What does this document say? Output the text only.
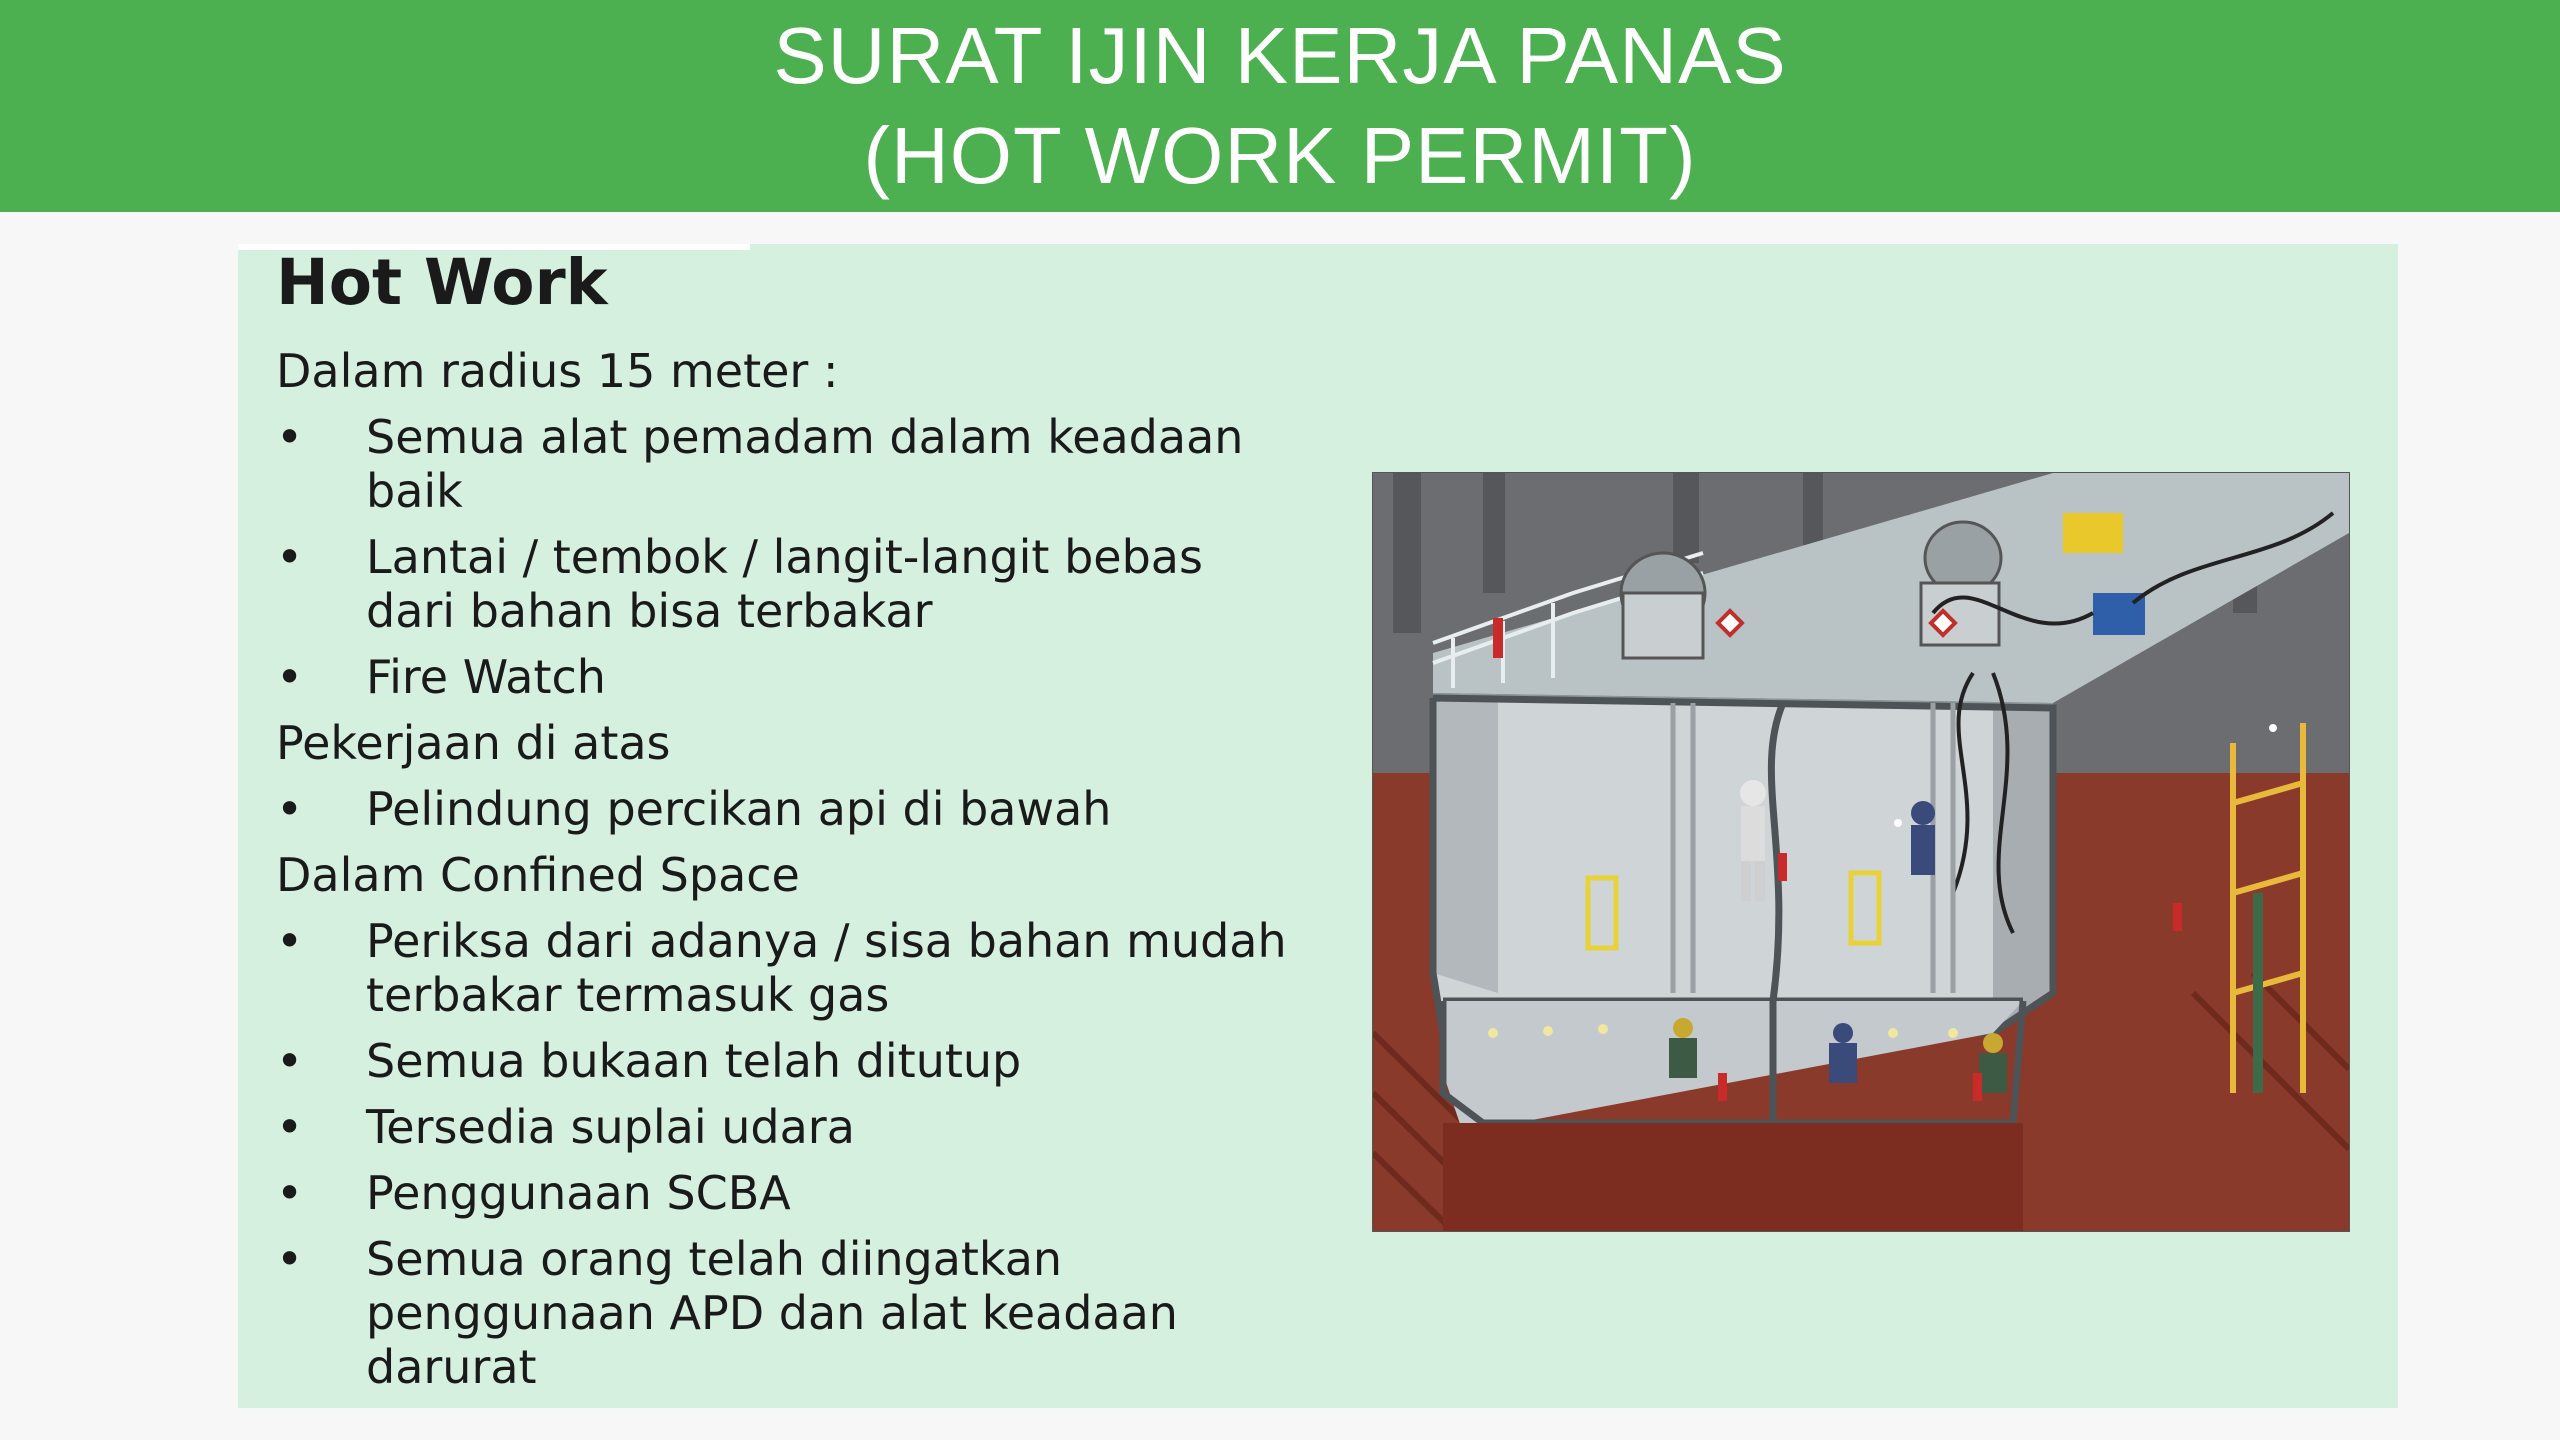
SURAT IJIN KERJA PANAS
(HOT WORK PERMIT)
Hot Work
Dalam radius 15 meter :
• Semua alat pemadam dalam keadaan
baik
• Lantai / tembok / langit-langit bebas
dari bahan bisa terbakar
• Fire Watch
Pekerjaan di atas
• Pelindung percikan api di bawah
Dalam Confined Space
• Periksa dari adanya / sisa bahan mudah
terbakar termasuk gas
• Semua bukaan telah ditutup
• Tersedia suplai udara
• Penggunaan SCBA
• Semua orang telah diingatkan
penggunaan APD dan alat keadaan
darurat
